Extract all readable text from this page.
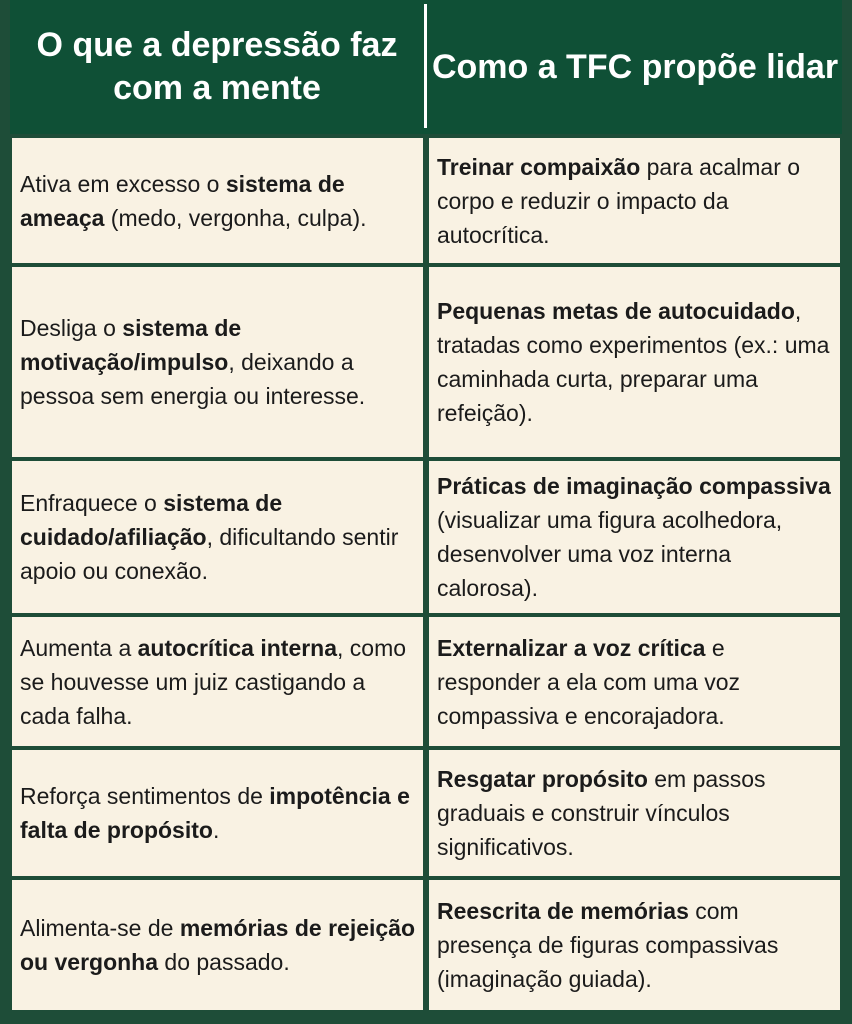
O que a depressão faz com a mente
Como a TFC propõe lidar
Ativa em excesso o sistema de ameaça (medo, vergonha, culpa).
Treinar compaixão para acalmar o corpo e reduzir o impacto da autocrítica.
Desliga o sistema de motivação/impulso, deixando a pessoa sem energia ou interesse.
Pequenas metas de autocuidado, tratadas como experimentos (ex.: uma caminhada curta, preparar uma refeição).
Enfraquece o sistema de cuidado/afiliação, dificultando sentir apoio ou conexão.
Práticas de imaginação compassiva (visualizar uma figura acolhedora, desenvolver uma voz interna calorosa).
Aumenta a autocrítica interna, como se houvesse um juiz castigando a cada falha.
Externalizar a voz crítica e responder a ela com uma voz compassiva e encorajadora.
Reforça sentimentos de impotência e falta de propósito.
Resgatar propósito em passos graduais e construir vínculos significativos.
Alimenta-se de memórias de rejeição ou vergonha do passado.
Reescrita de memórias com presença de figuras compassivas (imaginação guiada).
